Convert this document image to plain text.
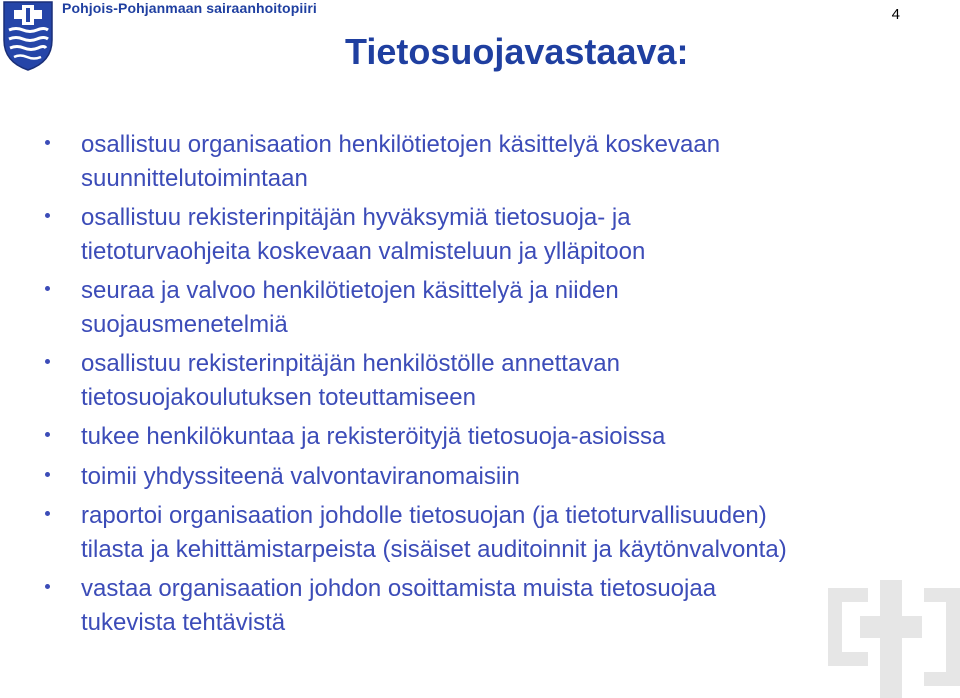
Pohjois-Pohjanmaan sairaanhoitopiiri	4
Tietosuojavastaava:
osallistuu organisaation henkilötietojen käsittelyä koskevaan
suunnittelutoimintaan
osallistuu rekisterinpitäjän hyväksymiä tietosuoja- ja
tietoturvaohjeita koskevaan valmisteluun ja ylläpitoon
seuraa ja valvoo henkilötietojen käsittelyä ja niiden
suojausmenetelmiä
osallistuu rekisterinpitäjän henkilöstölle annettavan
tietosuojakoulutuksen toteuttamiseen
tukee henkilökuntaa ja rekisteröityjä tietosuoja-asioissa
toimii yhdyssiteenä valvontaviranomaisiin
raportoi organisaation johdolle tietosuojan (ja tietoturvallisuuden)
tilasta ja kehittämistarpeista (sisäiset auditoinnit ja käytönvalvonta)
vastaa organisaation johdon osoittamista muista tietosuojaa
tukevista tehtävistä
